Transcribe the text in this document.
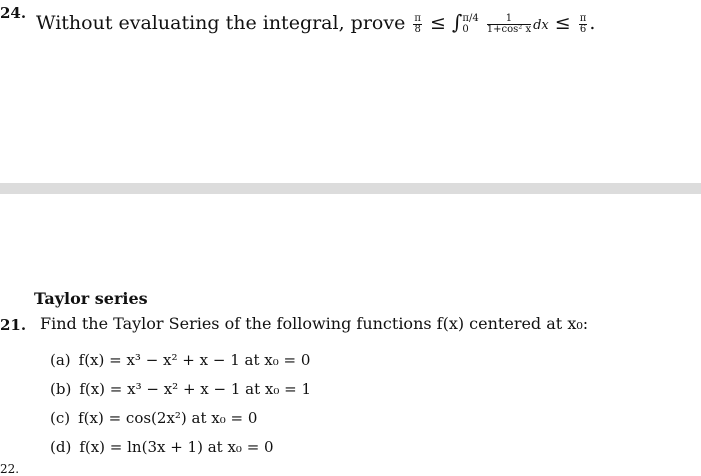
24. Without evaluating the integral, prove $\frac{\pi}{8}$ ≤ ∫ π/4
0
	$\frac{1}{\text{1+cos² x}}$ dx ≤ $\frac{\pi}{6}$ .
Taylor series
21. Find the Taylor Series of the following functions f(x) centered at x₀:
(a) f(x) = x³ − x² + x − 1 at x₀ = 0
(b) f(x) = x³ − x² + x − 1 at x₀ = 1
(c) f(x) = cos(2x²) at x₀ = 0
(d) f(x) = ln(3x + 1) at x₀ = 0
22.
